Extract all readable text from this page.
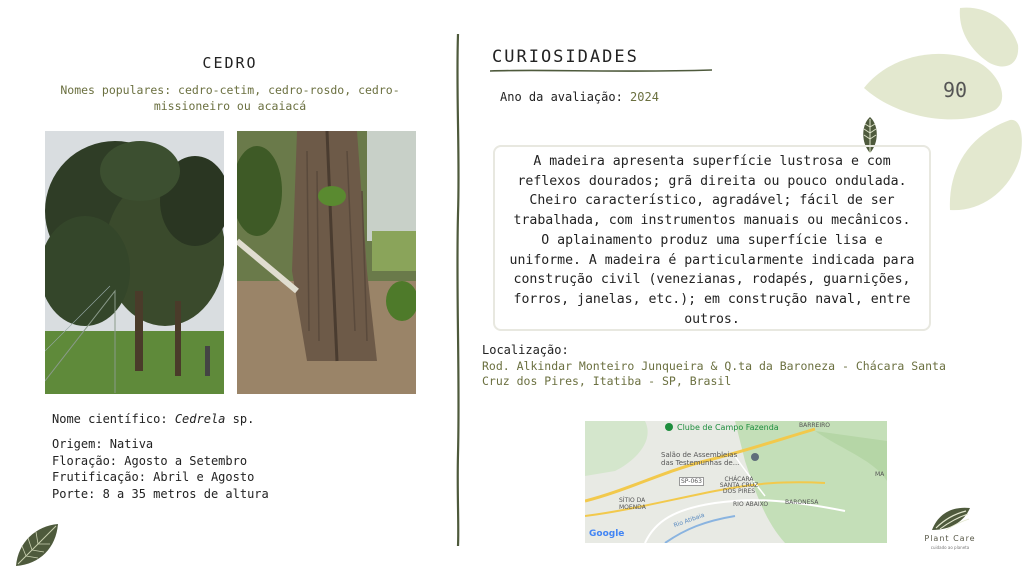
CEDRO
Nomes populares: cedro-cetim, cedro-rosdo, cedro-missioneiro ou acaiacá
Nome científico: Cedrela sp.
Origem: Nativa
Floração: Agosto a Setembro
Frutificação: Abril e Agosto
Porte: 8 a 35 metros de altura
CURIOSIDADES
Ano da avaliação: 2024	90
A madeira apresenta superfície lustrosa e com reflexos dourados; grã direita ou pouco ondulada. Cheiro característico, agradável; fácil de ser trabalhada, com instrumentos manuais ou mecânicos. O aplainamento produz uma superfície lisa e uniforme. A madeira é particularmente indicada para construção civil (venezianas, rodapés, guarnições, forros, janelas, etc.); em construção naval, entre outros.
Localização:
Rod. Alkindar Monteiro Junqueira & Q.ta da Baroneza - Chácara Santa Cruz dos Pires, Itatiba - SP, Brasil
Clube de Campo Fazenda	BARREIRO
Salão de Assembleias das Testemunhas de...
SP-063	CHÁCARA SANTA CRUZ DOS PIRES
SÍTIO DA MOENDA
BARONESA
RIO ABAIXO
Rio Atibaia
MA
Google	Plant Care
cuidado ao planeta
